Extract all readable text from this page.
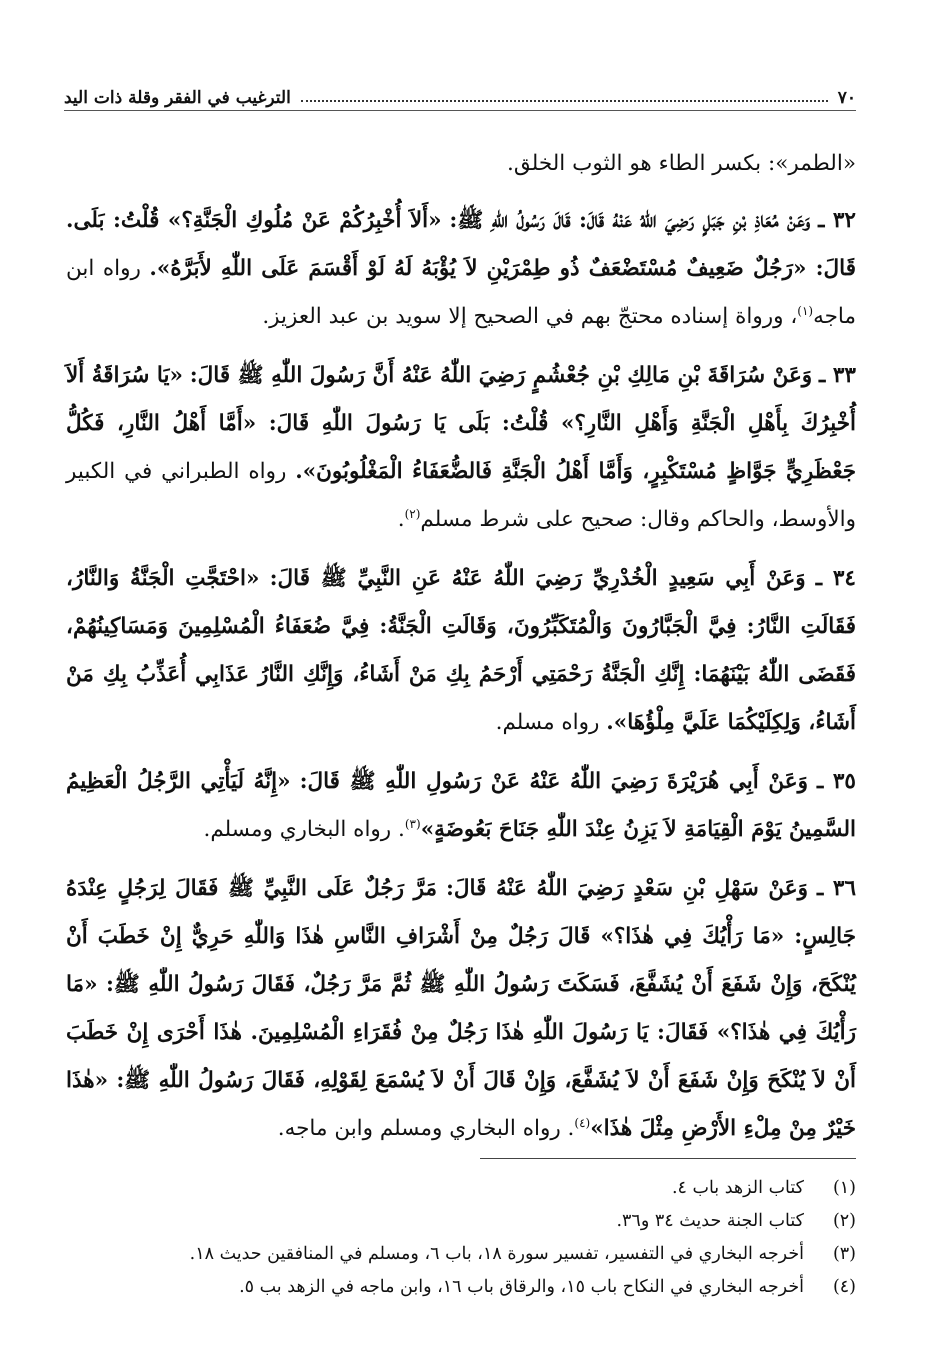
٧٠
الترغيب في الفقر وقلة ذات اليد

«الطمر»: بكسر الطاء هو الثوب الخلق.

٣٢ ـ وَعَنْ مُعَاذِ بْنِ جَبَلٍ رَضِيَ اللّٰهُ عَنْهُ قَالَ: قَالَ رَسُولُ اللّٰهِ ﷺ: «أَلاَ أُخْبِرُكُمْ عَنْ مُلُوكِ الْجَنَّةِ؟» قُلْتُ: بَلَى. قَالَ: «رَجُلٌ ضَعِيفٌ مُسْتَضْعَفٌ ذُو طِمْرَيْنِ لاَ يُؤْبَهُ لَهُ لَوْ أَقْسَمَ عَلَى اللّٰهِ لأَبَرَّهُ». رواه ابن ماجه$^{(١)}$، ورواة إسناده محتجّ بهم في الصحيح إلا سويد بن عبد العزيز.

٣٣ ـ وَعَنْ سُرَاقَةَ بْنِ مَالِكِ بْنِ جُعْشُمٍ رَضِيَ اللّٰهُ عَنْهُ أَنَّ رَسُولَ اللّٰهِ ﷺ قَالَ: «يَا سُرَاقَةُ أَلاَ أُخْبِرُكَ بِأَهْلِ الْجَنَّةِ وَأَهْلِ النَّارِ؟» قُلْتُ: بَلَى يَا رَسُولَ اللّٰهِ قَالَ: «أَمَّا أَهْلُ النَّارِ، فَكُلُّ جَعْظَرِيٍّ جَوَّاظٍ مُسْتَكْبِرٍ، وَأَمَّا أَهْلُ الْجَنَّةِ فَالضُّعَفَاءُ الْمَغْلُوبُونَ». رواه الطبراني في الكبير والأوسط، والحاكم وقال: صحيح على شرط مسلم$^{(٢)}$.

٣٤ ـ وَعَنْ أَبِي سَعِيدٍ الْخُدْرِيِّ رَضِيَ اللّٰهُ عَنْهُ عَنِ النَّبِيِّ ﷺ قَالَ: «احْتَجَّتِ الْجَنَّةُ وَالنَّارُ، فَقَالَتِ النَّارُ: فِيَّ الْجَبَّارُونَ وَالْمُتَكَبِّرُونَ، وَقَالَتِ الْجَنَّةُ: فِيَّ ضُعَفَاءُ الْمُسْلِمِينَ وَمَسَاكِينُهُمْ، فَقَضَى اللّٰهُ بَيْنَهُمَا: إِنَّكِ الْجَنَّةُ رَحْمَتِي أَرْحَمُ بِكِ مَنْ أَشَاءُ، وَإِنَّكِ النَّارُ عَذَابِي أُعَذِّبُ بِكِ مَنْ أَشَاءُ، وَلِكِلَيْكُمَا عَلَيَّ مِلْؤُهَا». رواه مسلم.

٣٥ ـ وَعَنْ أَبِي هُرَيْرَةَ رَضِيَ اللّٰهُ عَنْهُ عَنْ رَسُولِ اللّٰهِ ﷺ قَالَ: «إِنَّهُ لَيَأْتِي الرَّجُلُ الْعَظِيمُ السَّمِينُ يَوْمَ الْقِيَامَةِ لاَ يَزِنُ عِنْدَ اللّٰهِ جَنَاحَ بَعُوضَةٍ»$^{(٣)}$. رواه البخاري ومسلم.

٣٦ ـ وَعَنْ سَهْلِ بْنِ سَعْدٍ رَضِيَ اللّٰهُ عَنْهُ قَالَ: مَرَّ رَجُلٌ عَلَى النَّبِيِّ ﷺ فَقَالَ لِرَجُلٍ عِنْدَهُ جَالِسٍ: «مَا رَأْيُكَ فِي هٰذَا؟» قَالَ رَجُلٌ مِنْ أَشْرَافِ النَّاسِ هٰذَا وَاللّٰهِ حَرِيٌّ إِنْ خَطَبَ أَنْ يُنْكَحَ، وَإِنْ شَفَعَ أَنْ يُشَفَّعَ، فَسَكَتَ رَسُولُ اللّٰهِ ﷺ ثُمَّ مَرَّ رَجُلٌ، فَقَالَ رَسُولُ اللّٰهِ ﷺ: «مَا رَأْيُكَ فِي هٰذَا؟» فَقَالَ: يَا رَسُولَ اللّٰهِ هٰذَا رَجُلٌ مِنْ فُقَرَاءِ الْمُسْلِمِينَ. هٰذَا أَحْرَى إِنْ خَطَبَ أَنْ لاَ يُنْكَحَ وَإِنْ شَفَعَ أَنْ لاَ يُشَفَّعَ، وَإِنْ قَالَ أَنْ لاَ يُسْمَعَ لِقَوْلِهِ، فَقَالَ رَسُولُ اللّٰهِ ﷺ: «هٰذَا خَيْرٌ مِنْ مِلْءِ الأَرْضِ مِثْلَ هٰذَا»$^{(٤)}$. رواه البخاري ومسلم وابن ماجه.

(١)
كتاب الزهد باب ٤.
(٢)
كتاب الجنة حديث ٣٤ و٣٦.
(٣)
أخرجه البخاري في التفسير، تفسير سورة ١٨، باب ٦، ومسلم في المنافقين حديث ١٨.
(٤)
أخرجه البخاري في النكاح باب ١٥، والرقاق باب ١٦، وابن ماجه في الزهد بب ٥.
